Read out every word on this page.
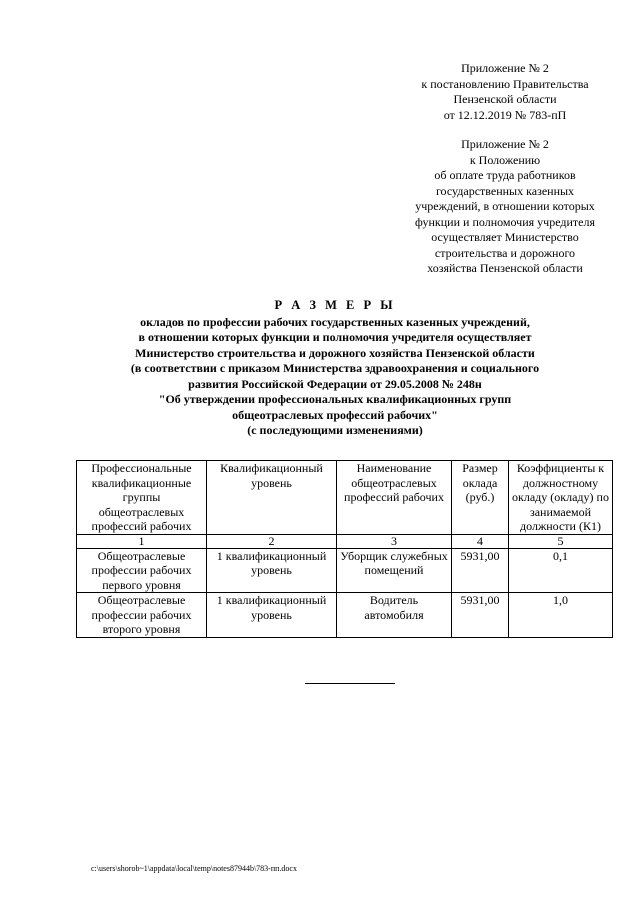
Приложение № 2
к постановлению Правительства
Пензенской области
от 12.12.2019 № 783-пП
Приложение № 2
к Положению
об оплате труда работников
государственных казенных
учреждений, в отношении которых
функции и полномочия учредителя
осуществляет Министерство
строительства и дорожного
хозяйства Пензенской области
Р А З М Е Р Ы
окладов по профессии рабочих государственных казенных учреждений,
в отношении которых функции и полномочия учредителя осуществляет
Министерство строительства и дорожного хозяйства Пензенской области
(в соответствии с приказом Министерства здравоохранения и социального
развития Российской Федерации от 29.05.2008 № 248н
"Об утверждении профессиональных квалификационных групп
общеотраслевых профессий рабочих"
(с последующими изменениями)
Профессиональные квалификационные группы общеотраслевых профессий рабочих	Квалификационный уровень	Наименование общеотраслевых профессий рабочих	Размер оклада (руб.)	Коэффициенты к должностному окладу (окладу) по занимаемой должности (К1)
1	2	3	4	5
Общеотраслевые профессии рабочих первого уровня	1 квалификационный уровень	Уборщик служебных помещений	5931,00	0,1
Общеотраслевые профессии рабочих второго уровня	1 квалификационный уровень	Водитель автомобиля	5931,00	1,0
c:\users\shorob~1\appdata\local\temp\notes87944b\783-пп.docx
